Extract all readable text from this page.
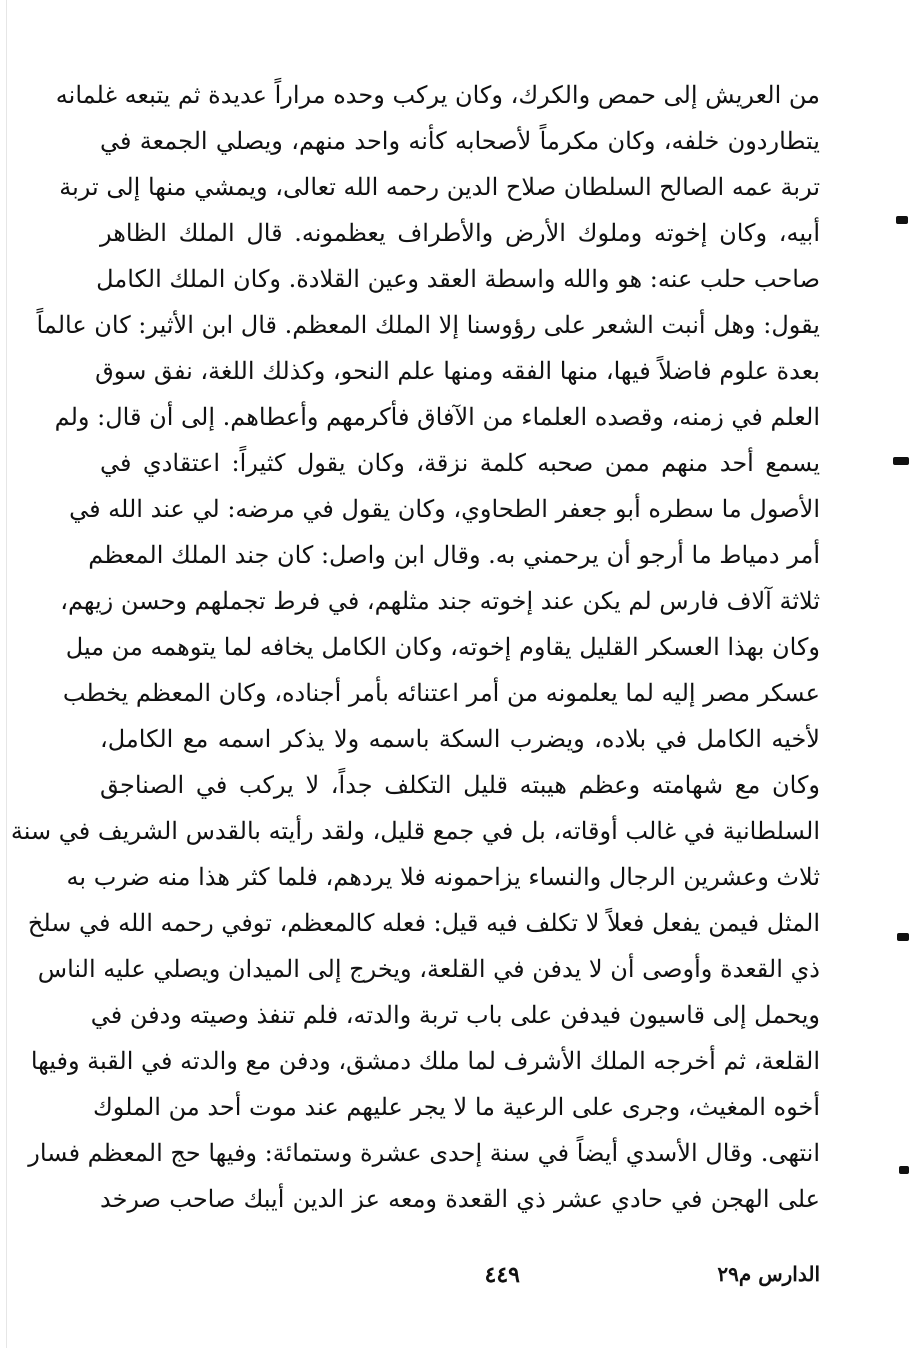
من العريش إلى حمص والكرك، وكان يركب وحده مراراً عديدة ثم يتبعه غلمانه
يتطاردون خلفه، وكان مكرماً لأصحابه كأنه واحد منهم، ويصلي الجمعة في
تربة عمه الصالح السلطان صلاح الدين رحمه الله تعالى، ويمشي منها إلى تربة
أبيه، وكان إخوته وملوك الأرض والأطراف يعظمونه. قال الملك الظاهر
صاحب حلب عنه: هو والله واسطة العقد وعين القلادة. وكان الملك الكامل
يقول: وهل أنبت الشعر على رؤوسنا إلا الملك المعظم. قال ابن الأثير: كان عالماً
بعدة علوم فاضلاً فيها، منها الفقه ومنها علم النحو، وكذلك اللغة، نفق سوق
العلم في زمنه، وقصده العلماء من الآفاق فأكرمهم وأعطاهم. إلى أن قال: ولم
يسمع أحد منهم ممن صحبه كلمة نزقة، وكان يقول كثيراً: اعتقادي في
الأصول ما سطره أبو جعفر الطحاوي، وكان يقول في مرضه: لي عند الله في
أمر دمياط ما أرجو أن يرحمني به. وقال ابن واصل: كان جند الملك المعظم
ثلاثة آلاف فارس لم يكن عند إخوته جند مثلهم، في فرط تجملهم وحسن زيهم،
وكان بهذا العسكر القليل يقاوم إخوته، وكان الكامل يخافه لما يتوهمه من ميل
عسكر مصر إليه لما يعلمونه من أمر اعتنائه بأمر أجناده، وكان المعظم يخطب
لأخيه الكامل في بلاده، ويضرب السكة باسمه ولا يذكر اسمه مع الكامل،
وكان مع شهامته وعظم هيبته قليل التكلف جداً، لا يركب في الصناجق
السلطانية في غالب أوقاته، بل في جمع قليل، ولقد رأيته بالقدس الشريف في سنة
ثلاث وعشرين الرجال والنساء يزاحمونه فلا يردهم، فلما كثر هذا منه ضرب به
المثل فيمن يفعل فعلاً لا تكلف فيه قيل: فعله كالمعظم، توفي رحمه الله في سلخ
ذي القعدة وأوصى أن لا يدفن في القلعة، ويخرج إلى الميدان ويصلي عليه الناس
ويحمل إلى قاسيون فيدفن على باب تربة والدته، فلم تنفذ وصيته ودفن في
القلعة، ثم أخرجه الملك الأشرف لما ملك دمشق، ودفن مع والدته في القبة وفيها
أخوه المغيث، وجرى على الرعية ما لا يجر عليهم عند موت أحد من الملوك
انتهى. وقال الأسدي أيضاً في سنة إحدى عشرة وستمائة: وفيها حج المعظم فسار
على الهجن في حادي عشر ذي القعدة ومعه عز الدين أيبك صاحب صرخد
الدارس م٢٩
٤٤٩
